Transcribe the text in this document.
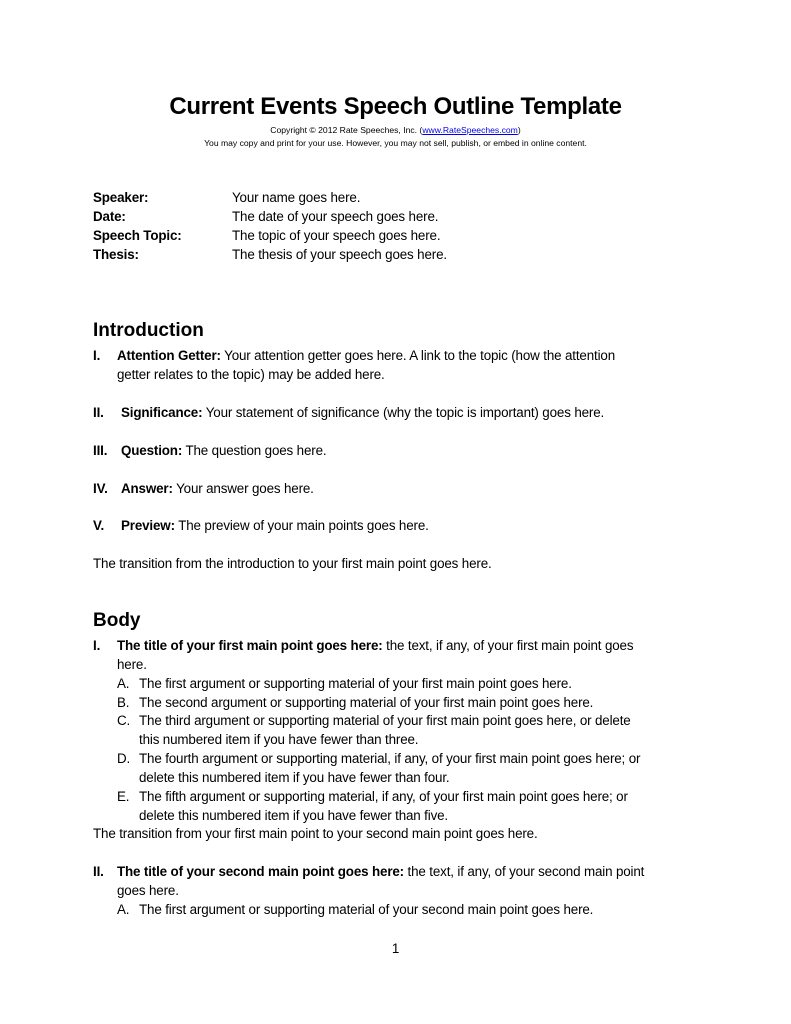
Current Events Speech Outline Template
Copyright © 2012 Rate Speeches, Inc. (www.RateSpeeches.com)
You may copy and print for your use. However, you may not sell, publish, or embed in online content.
Speaker:	Your name goes here.
Date:	The date of your speech goes here.
Speech Topic:	The topic of your speech goes here.
Thesis:	The thesis of your speech goes here.
Introduction
I. Attention Getter: Your attention getter goes here. A link to the topic (how the attention
getter relates to the topic) may be added here.
II. Significance: Your statement of significance (why the topic is important) goes here.
III. Question: The question goes here.
IV. Answer: Your answer goes here.
V. Preview: The preview of your main points goes here.
The transition from the introduction to your first main point goes here.
Body
I. The title of your first main point goes here: the text, if any, of your first main point goes
here.
A. The first argument or supporting material of your first main point goes here.
B. The second argument or supporting material of your first main point goes here.
C. The third argument or supporting material of your first main point goes here, or delete
this numbered item if you have fewer than three.
D. The fourth argument or supporting material, if any, of your first main point goes here; or
delete this numbered item if you have fewer than four.
E. The fifth argument or supporting material, if any, of your first main point goes here; or
delete this numbered item if you have fewer than five.
The transition from your first main point to your second main point goes here.
II. The title of your second main point goes here: the text, if any, of your second main point
goes here.
A. The first argument or supporting material of your second main point goes here.
1
